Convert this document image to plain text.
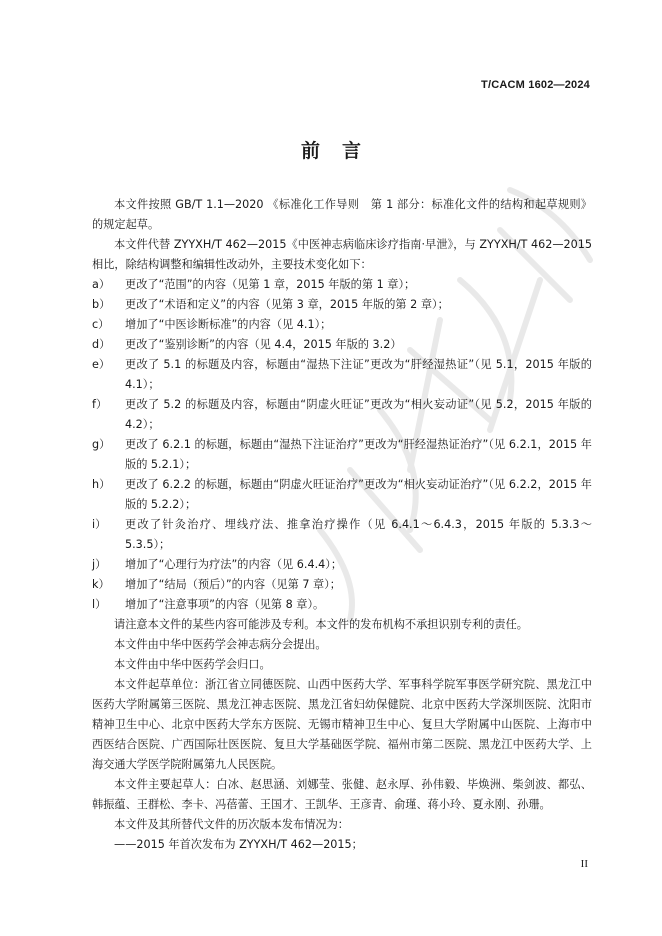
T/CACM 1602—2024
前言

本文件按照 GB/T 1.1—2020 《标准化工作导则　第 1 部分：标准化文件的结构和起草规则》的规定起草。

本文件代替 ZYYXH/T 462—2015《中医神志病临床诊疗指南·早泄》，与 ZYYXH/T 462—2015 相比，除结构调整和编辑性改动外，主要技术变化如下：

a） 更改了“范围”的内容（见第 1 章，2015 年版的第 1 章）；

b） 更改了“术语和定义”的内容（见第 3 章，2015 年版的第 2 章）；

c） 增加了“中医诊断标准”的内容（见 4.1）；

d） 更改了“鉴别诊断”的内容（见 4.4，2015 年版的 3.2）

e） 更改了 5.1 的标题及内容，标题由“湿热下注证”更改为“肝经湿热证”（见 5.1，2015 年版的 4.1）；

f） 更改了 5.2 的标题及内容，标题由“阴虚火旺证”更改为“相火妄动证”（见 5.2，2015 年版的 4.2）；

g） 更改了 6.2.1 的标题，标题由“湿热下注证治疗”更改为“肝经湿热证治疗”（见 6.2.1，2015 年版的 5.2.1）；

h） 更改了 6.2.2 的标题，标题由“阴虚火旺证治疗”更改为“相火妄动证治疗”（见 6.2.2，2015 年版的 5.2.2）；

i） 更改了针灸治疗、埋线疗法、推拿治疗操作（见 6.4.1～6.4.3，2015 年版的 5.3.3～5.3.5）；

j） 增加了“心理行为疗法”的内容（见 6.4.4）；

k） 增加了“结局（预后）”的内容（见第 7 章）；

l） 增加了“注意事项”的内容（见第 8 章）。

请注意本文件的某些内容可能涉及专利。本文件的发布机构不承担识别专利的责任。

本文件由中华中医药学会神志病分会提出。

本文件由中华中医药学会归口。

本文件起草单位：浙江省立同德医院、山西中医药大学、军事科学院军事医学研究院、黑龙江中医药大学附属第三医院、黑龙江神志医院、黑龙江省妇幼保健院、北京中医药大学深圳医院、沈阳市精神卫生中心、北京中医药大学东方医院、无锡市精神卫生中心、复旦大学附属中山医院、上海市中西医结合医院、广西国际壮医医院、复旦大学基础医学院、福州市第二医院、黑龙江中医药大学、上海交通大学医学院附属第九人民医院。

本文件主要起草人：白冰、赵思涵、刘娜莹、张健、赵永厚、孙伟毅、毕焕洲、柴剑波、都弘、韩振蕴、王群松、李卡、冯蓓蕾、王国才、王凯华、王彦青、俞瑾、蒋小玲、夏永刚、孙珊。

本文件及其所替代文件的历次版本发布情况为：

——2015 年首次发布为 ZYYXH/T 462—2015；

II
